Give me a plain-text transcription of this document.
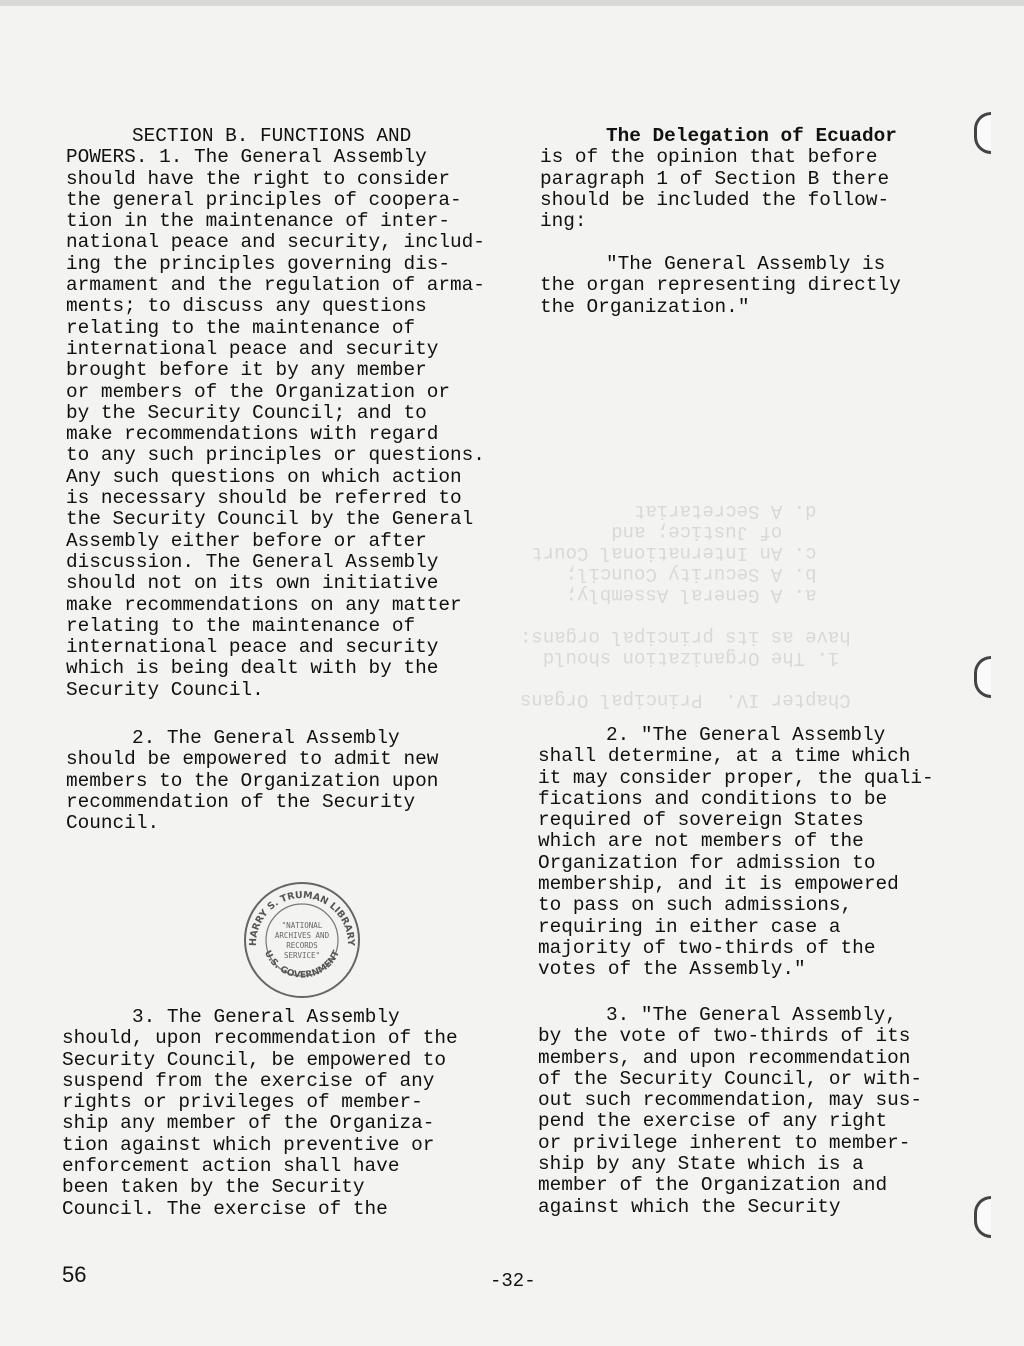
Chapter IV.  Principal Organs

1. The Organization should
have as its principal organs:

a. A General Assembly;
b. A Security Council;
c. An International Court
of Justice; and
d. A Secretariat
SECTION B. FUNCTIONS AND
POWERS. 1. The General Assembly
should have the right to consider
the general principles of coopera-
tion in the maintenance of inter-
national peace and security, includ-
ing the principles governing dis-
armament and the regulation of arma-
ments; to discuss any questions
relating to the maintenance of
international peace and security
brought before it by any member
or members of the Organization or
by the Security Council; and to
make recommendations with regard
to any such principles or questions.
Any such questions on which action
is necessary should be referred to
the Security Council by the General
Assembly either before or after
discussion. The General Assembly
should not on its own initiative
make recommendations on any matter
relating to the maintenance of
international peace and security
which is being dealt with by the
Security Council.
2. The General Assembly
should be empowered to admit new
members to the Organization upon
recommendation of the Security
Council.
3. The General Assembly
should, upon recommendation of the
Security Council, be empowered to
suspend from the exercise of any
rights or privileges of member-
ship any member of the Organiza-
tion against which preventive or
enforcement action shall have
been taken by the Security
Council. The exercise of the
The Delegation of Ecuador
is of the opinion that before
paragraph 1 of Section B there
should be included the follow-
ing:
"The General Assembly is
the organ representing directly
the Organization."
2. "The General Assembly
shall determine, at a time which
it may consider proper, the quali-
fications and conditions to be
required of sovereign States
which are not members of the
Organization for admission to
membership, and it is empowered
to pass on such admissions,
requiring in either case a
majority of two-thirds of the
votes of the Assembly."
3. "The General Assembly,
by the vote of two-thirds of its
members, and upon recommendation
of the Security Council, or with-
out such recommendation, may sus-
pend the exercise of any right
or privilege inherent to member-
ship by any State which is a
member of the Organization and
against which the Security
HARRY S. TRUMAN LIBRARY
U.S. GOVERNMENT
"NATIONAL
ARCHIVES AND
RECORDS
SERVICE"
56	-32-
